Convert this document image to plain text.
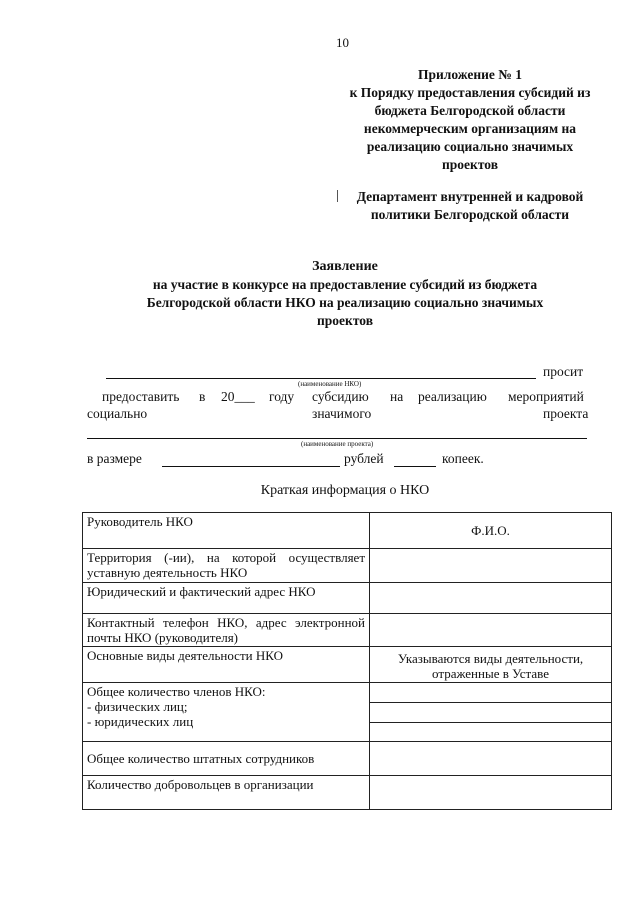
10
Приложение № 1
к Порядку предоставления субсидий из
бюджета Белгородской области
некоммерческим организациям на
реализацию социально значимых
проектов
Департамент внутренней и кадровой
политики Белгородской области
Заявление
на участие в конкурсе на предоставление субсидий из бюджета
Белгородской области НКО на реализацию социально значимых
проектов
просит
(наименование НКО)
предоставить в 20___ году субсидию на реализацию мероприятий
социально	значимого	проекта
(наименование проекта)
в размере	рублей	копеек.
Краткая информация о НКО
Руководитель НКО	Ф.И.О.
Территория (-ии), на которой осуществляет уставную деятельность НКО	
Юридический и фактический адрес НКО	
Контактный телефон НКО, адрес электронной почты НКО (руководителя)	
Основные виды деятельности НКО	Указываются виды деятельности, отраженные в Уставе

Общее количество членов НКО:
- физических лиц;
- юридических лиц	

Общее количество штатных сотрудников	
Количество добровольцев в организации	
